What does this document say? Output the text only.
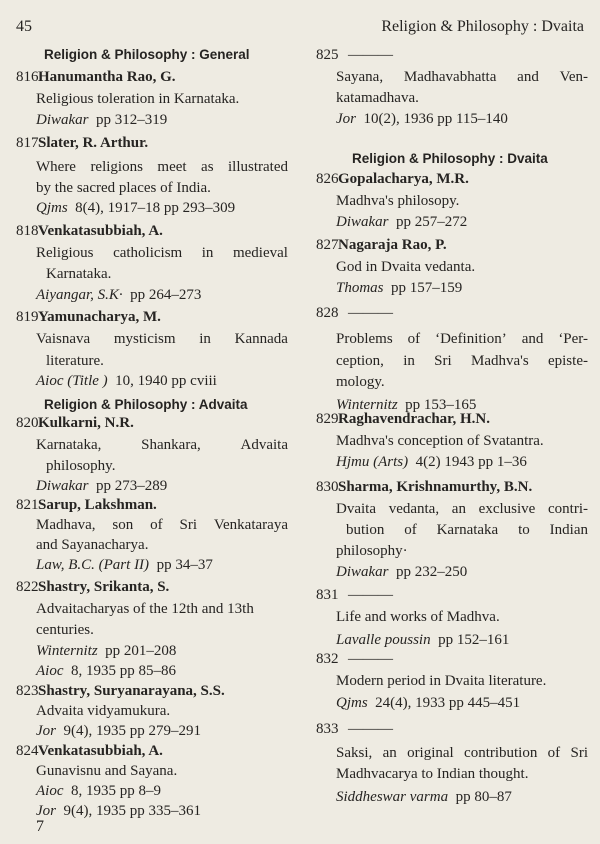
45	Religion & Philosophy : Dvaita
Religion & Philosophy : General
816 Hanumantha Rao, G.
Religious toleration in Karnataka.
Diwakar  pp 312–319
817 Slater, R. Arthur.
Where religions meet as illustrated
by the sacred places of India.
Qjms  8(4), 1917–18 pp 293–309
818 Venkatasubbiah, A.
Religious catholicism in medieval
Karnataka.
Aiyangar, S.K·  pp 264–273
819 Yamunacharya, M.
Vaisnava mysticism in Kannada
literature.
Aioc (Title )  10, 1940 pp cviii
Religion & Philosophy : Advaita
820 Kulkarni, N.R.
Karnataka,	Shankara,	Advaita
philosophy.
Diwakar  pp 273–289
821 Sarup, Lakshman.
Madhava, son of Sri Venkataraya
and Sayanacharya.
Law, B.C. (Part II)  pp 34–37
822 Shastry, Srikanta, S.
Advaitacharyas of the 12th and 13th
centuries.
Winternitz  pp 201–208
Aioc  8, 1935 pp 85–86
823 Shastry, Suryanarayana, S.S.
Advaita vidyamukura.
Jor  9(4), 1935 pp 279–291
824 Venkatasubbiah, A.
Gunavisnu and Sayana.
Aioc  8, 1935 pp 8–9
Jor  9(4), 1935 pp 335–361
825 ———
Sayana, Madhavabhatta and Ven-
katamadhava.
Jor  10(2), 1936 pp 115–140
Religion & Philosophy : Dvaita
826 Gopalacharya, M.R.
Madhva's philosopy.
Diwakar  pp 257–272
827 Nagaraja Rao, P.
God in Dvaita vedanta.
Thomas  pp 157–159
828 ———
Problems of ‘Definition’ and ‘Per-
ception, in Sri Madhva's episte-
mology.
Winternitz  pp 153–165
829 Raghavendrachar, H.N.
Madhva's conception of Svatantra.
Hjmu (Arts)  4(2) 1943 pp 1–36
830 Sharma, Krishnamurthy, B.N.
Dvaita vedanta, an exclusive contri-
bution of Karnataka to Indian
philosophy·
Diwakar  pp 232–250
831 ———
Life and works of Madhva.
Lavalle poussin  pp 152–161
832 ———
Modern period in Dvaita literature.
Qjms  24(4), 1933 pp 445–451
833 ———
Saksi, an original contribution of Sri
Madhvacarya to Indian thought.
Siddheswar varma  pp 80–87
7
